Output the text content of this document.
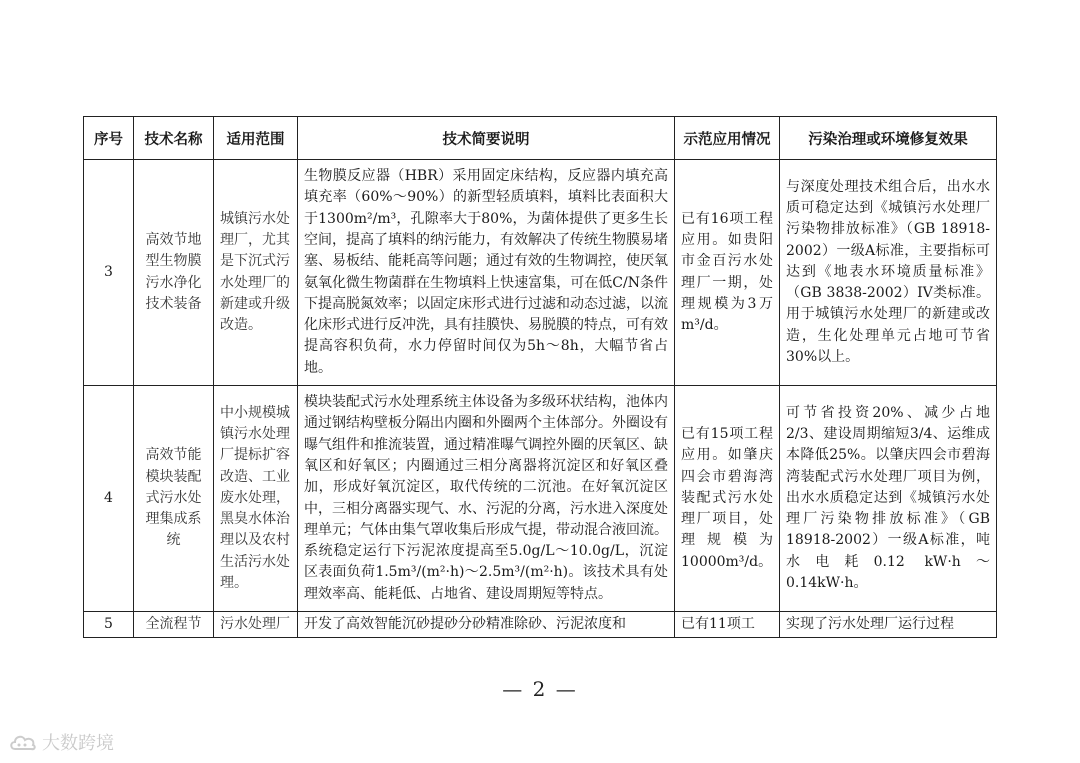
序号	技术名称	适用范围	技术简要说明	示范应用情况	污染治理或环境修复效果
3	高效节地型生物膜污水净化技术装备	城镇污水处理厂，尤其是下沉式污水处理厂的新建或升级改造。	生物膜反应器（HBR）采用固定床结构，反应器内填充高填充率（60%～90%）的新型轻质填料，填料比表面积大于1300m²/m³，孔隙率大于80%，为菌体提供了更多生长空间，提高了填料的纳污能力，有效解决了传统生物膜易堵塞、易板结、能耗高等问题；通过有效的生物调控，使厌氧氨氧化微生物菌群在生物填料上快速富集，可在低C/N条件下提高脱氮效率；以固定床形式进行过滤和动态过滤，以流化床形式进行反冲洗，具有挂膜快、易脱膜的特点，可有效提高容积负荷，水力停留时间仅为5h～8h，大幅节省占地。	已有16项工程应用。如贵阳市金百污水处理厂一期，处理规模为3万m³/d。	与深度处理技术组合后，出水水质可稳定达到《城镇污水处理厂污染物排放标准》（GB 18918-2002）一级A标准，主要指标可达到《地表水环境质量标准》（GB 3838-2002）IV类标准。用于城镇污水处理厂的新建或改造，生化处理单元占地可节省30%以上。
4	高效节能模块装配式污水处理集成系统	中小规模城镇污水处理厂提标扩容改造、工业废水处理，黑臭水体治理以及农村生活污水处理。	模块装配式污水处理系统主体设备为多级环状结构，池体内通过钢结构壁板分隔出内圈和外圈两个主体部分。外圈设有曝气组件和推流装置，通过精准曝气调控外圈的厌氧区、缺氧区和好氧区；内圈通过三相分离器将沉淀区和好氧区叠加，形成好氧沉淀区，取代传统的二沉池。在好氧沉淀区中，三相分离器实现气、水、污泥的分离，污水进入深度处理单元；气体由集气罩收集后形成气提，带动混合液回流。系统稳定运行下污泥浓度提高至5.0g/L～10.0g/L，沉淀区表面负荷1.5m³/(m²·h)～2.5m³/(m²·h)。该技术具有处理效率高、能耗低、占地省、建设周期短等特点。	已有15项工程应用。如肇庆四会市碧海湾装配式污水处理厂项目，处理规模为10000m³/d。	可节省投资20%、减少占地2/3、建设周期缩短3/4、运维成本降低25%。以肇庆四会市碧海湾装配式污水处理厂项目为例，出水水质稳定达到《城镇污水处理厂污染物排放标准》（GB 18918-2002）一级A标准，吨水电耗0.12 kW·h～0.14kW·h。
5	全流程节	污水处理厂	开发了高效智能沉砂提砂分砂精准除砂、污泥浓度和	已有11项工	实现了污水处理厂运行过程
— 2 —
大数跨境
